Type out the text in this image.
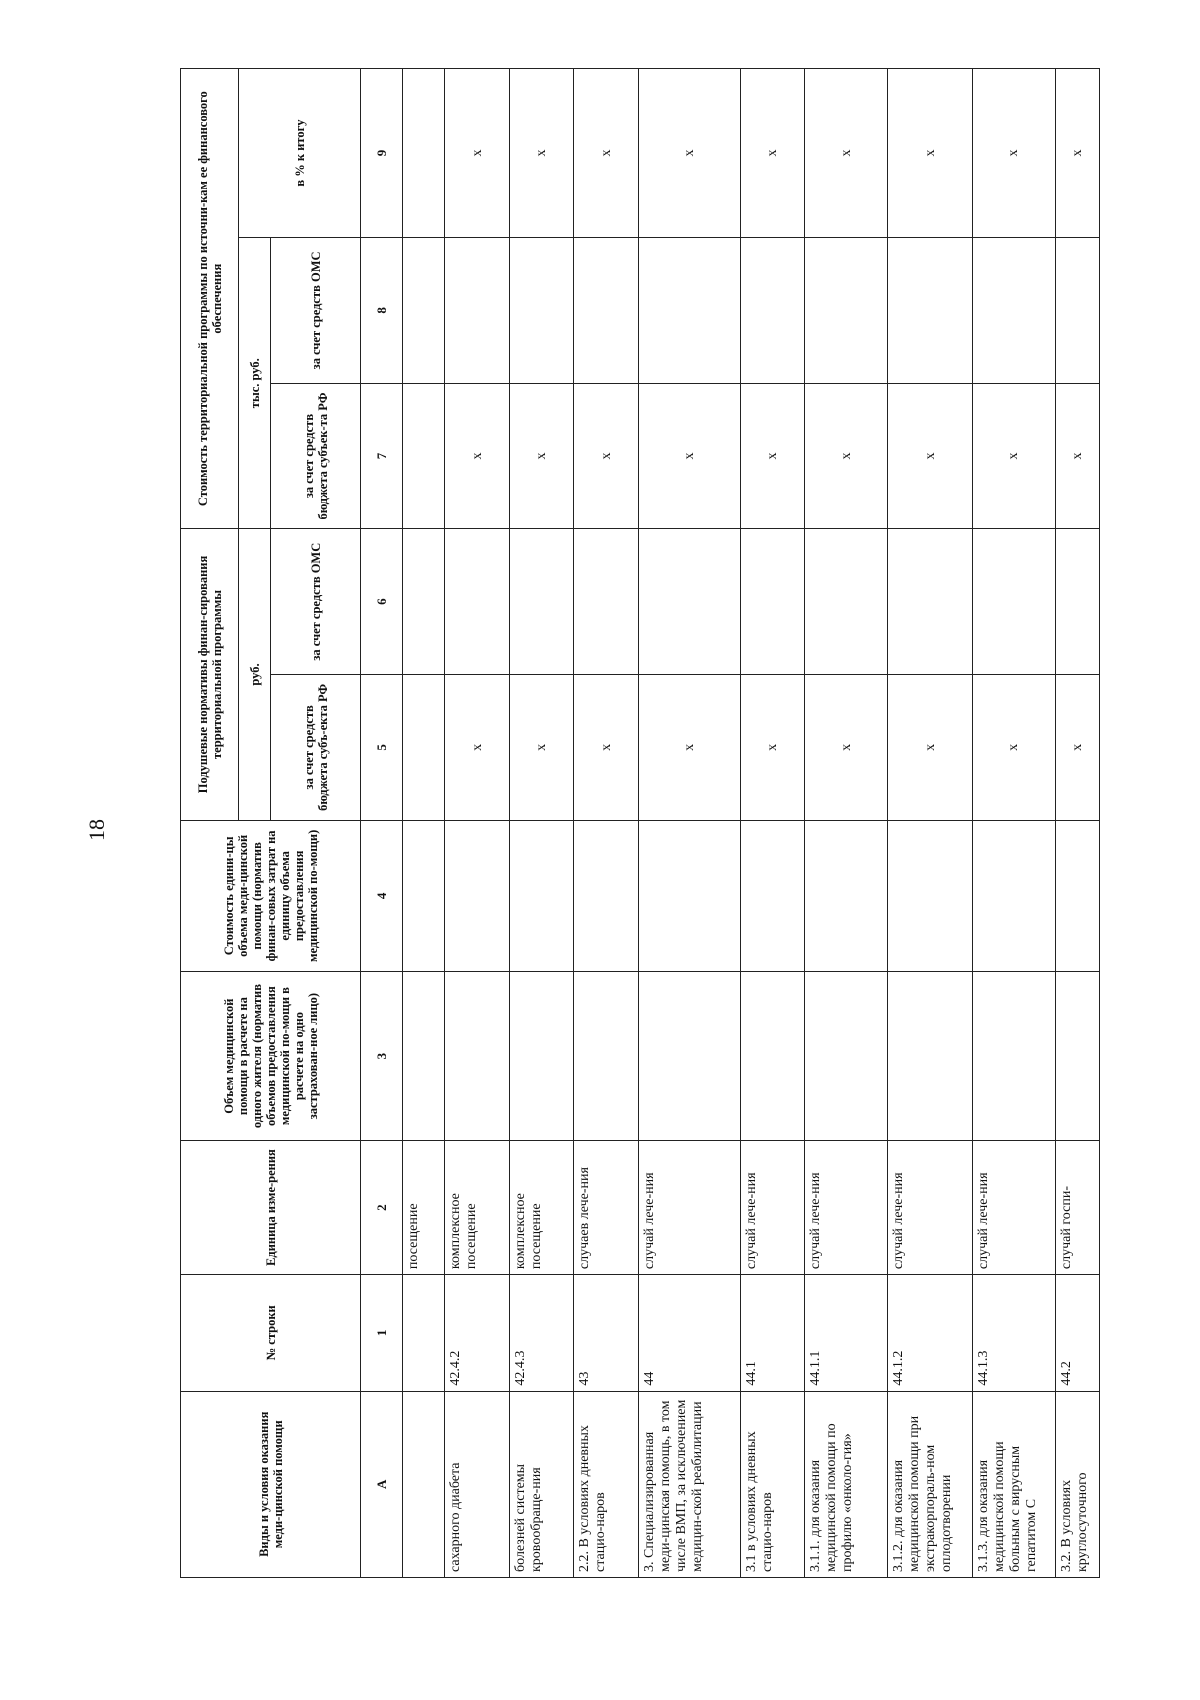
18
Виды и условия оказания меди-цинской помощи	№ строки	Единица изме-рения	Объем медицинской помощи в расчете на одного жителя (норматив объемов предоставления медицинской по-мощи в расчете на одно застрахован-ное лицо)	Стоимость едини-цы объема меди-цинской помощи (норматив финан-совых затрат на единицу объема предоставления медицинской по-мощи)	Подушевые нормативы финан-сирования территориальной программы		Стоимость территориальной программы по источни-кам ее финансового обеспечения		
					руб.		тыс. руб.		в % к итогу
					за счет средств бюджета субъ-екта РФ	за счет средств ОМС	за счет средств бюджета субъек-та РФ	за счет средств ОМС	
А	1	2	3	4	5	6	7	8	9
		посещение							
сахарного диабета	42.4.2	комплексное посещение			х		х		х
болезней системы кровообраще-ния	42.4.3	комплексное посещение			х		х		х
2.2. В условиях дневных стацио-наров	43	случаев лече-ния			х		х		х
3. Специализированная меди-цинская помощь, в том числе ВМП, за исключением медицин-ской реабилитации	44	случай лече-ния			х		х		х
3.1 в условиях дневных стацио-наров	44.1	случай лече-ния			х		х		х
3.1.1. для оказания медицинской помощи по профилю «онколо-гия»	44.1.1	случай лече-ния			х		х		х
3.1.2. для оказания медицинской помощи при экстракорпораль-ном оплодотворении	44.1.2	случай лече-ния			х		х		х
3.1.3. для оказания медицинской помощи больным с вирусным гепатитом С	44.1.3	случай лече-ния			х		х		х
3.2. В условиях круглосуточного	44.2	случай госпи-			х		х		х
